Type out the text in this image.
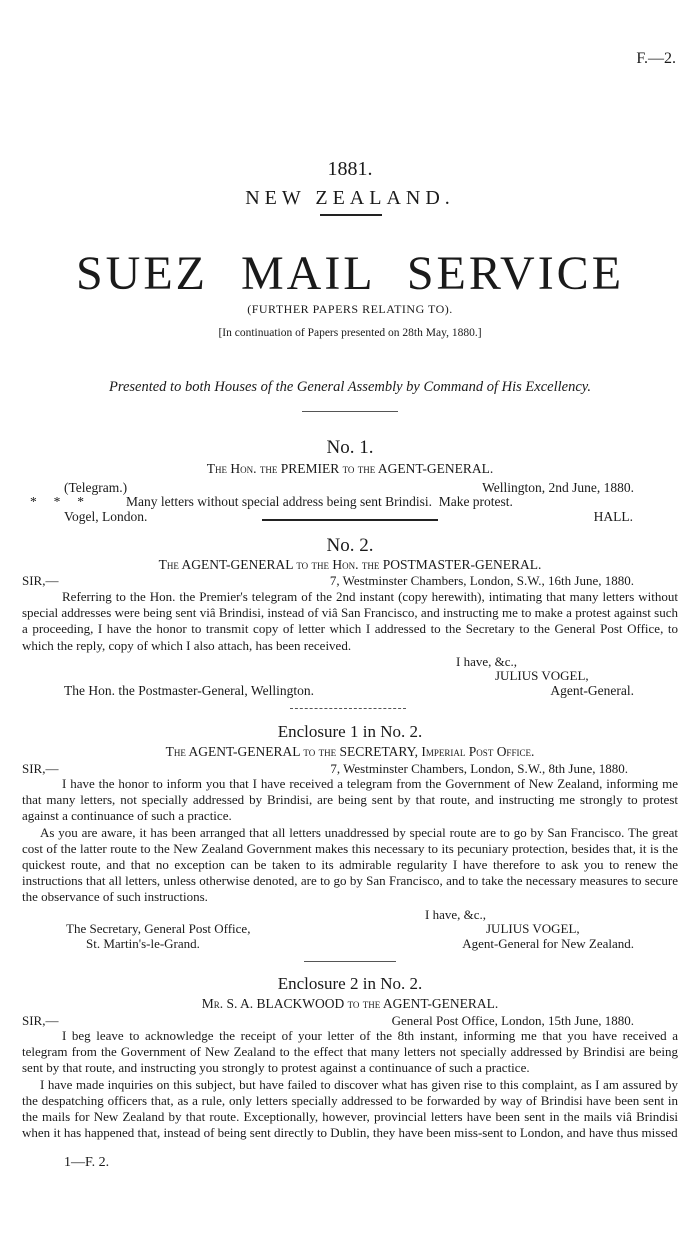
F.—2.
1881.
NEW ZEALAND.
SUEZ MAIL SERVICE
(FURTHER PAPERS RELATING TO).
[In continuation of Papers presented on 28th May, 1880.]
Presented to both Houses of the General Assembly by Command of His Excellency.
No. 1.
The Hon. the PREMIER to the AGENT-GENERAL.
(Telegram.)	Wellington, 2nd June, 1880.
*     *     *	Many letters without special address being sent Brindisi.  Make protest.
Vogel, London.	HALL.
No. 2.
The AGENT-GENERAL to the Hon. the POSTMASTER-GENERAL.
SIR,—	7, Westminster Chambers, London, S.W., 16th June, 1880.

Referring to the Hon. the Premier's telegram of the 2nd instant (copy herewith), intimating that many letters without special addresses were being sent viâ Brindisi, instead of viâ San Francisco, and instructing me to make a protest against such a proceeding, I have the honor to transmit copy of letter which I addressed to the Secretary to the General Post Office, to which the reply, copy of which I also attach, has been received.

I have, &c.,
JULIUS VOGEL,
The Hon. the Postmaster-General, Wellington.	Agent-General.
Enclosure 1 in No. 2.
The AGENT-GENERAL to the SECRETARY, Imperial Post Office.
SIR,—	7, Westminster Chambers, London, S.W., 8th June, 1880.

I have the honor to inform you that I have received a telegram from the Government of New Zealand, informing me that many letters, not specially addressed by Brindisi, are being sent by that route, and instructing me strongly to protest against a continuance of such a practice.

As you are aware, it has been arranged that all letters unaddressed by special route are to go by San Francisco. The great cost of the latter route to the New Zealand Government makes this necessary to its pecuniary protection, besides that, it is the quickest route, and that no exception can be taken to its admirable regularity I have therefore to ask you to renew the instructions that all letters, unless otherwise denoted, are to go by San Francisco, and to take the necessary measures to secure the observance of such instructions.

I have, &c.,
The Secretary, General Post Office,	JULIUS VOGEL,
St. Martin's-le-Grand.	Agent-General for New Zealand.
Enclosure 2 in No. 2.
Mr. S. A. BLACKWOOD to the AGENT-GENERAL.
SIR,—	General Post Office, London, 15th June, 1880.

I beg leave to acknowledge the receipt of your letter of the 8th instant, informing me that you have received a telegram from the Government of New Zealand to the effect that many letters not specially addressed by Brindisi are being sent by that route, and instructing you strongly to protest against a continuance of such a practice.

I have made inquiries on this subject, but have failed to discover what has given rise to this complaint, as I am assured by the despatching officers that, as a rule, only letters specially addressed to be forwarded by way of Brindisi have been sent in the mails for New Zealand by that route. Exceptionally, however, provincial letters have been sent in the mails viâ Brindisi when it has happened that, instead of being sent directly to Dublin, they have been miss-sent to London, and have thus missed

1—F. 2.
